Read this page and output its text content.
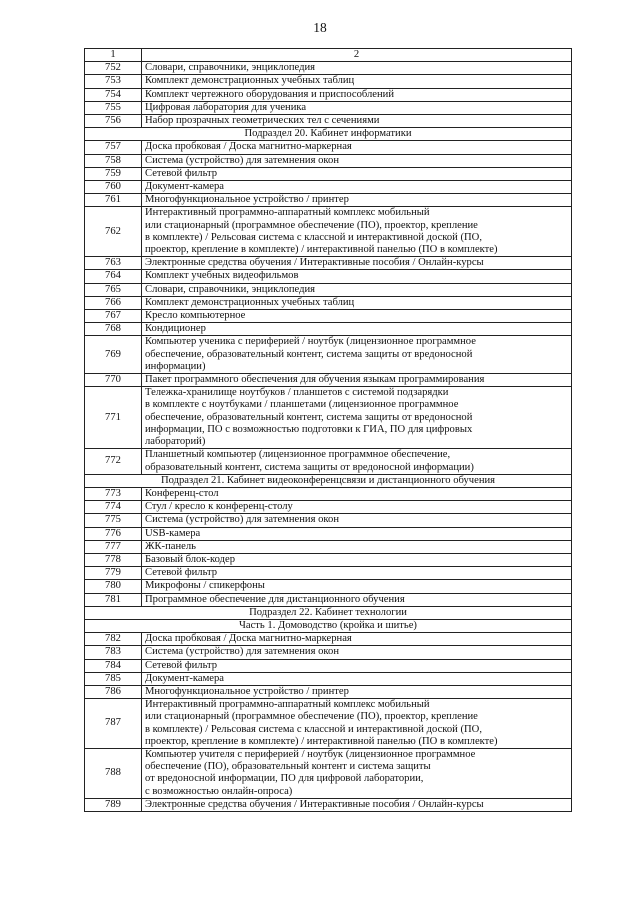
18
1	2
752	Словари, справочники, энциклопедия
753	Комплект демонстрационных учебных таблиц
754	Комплект чертежного оборудования и приспособлений
755	Цифровая лаборатория для ученика
756	Набор прозрачных геометрических тел с сечениями
Подраздел 20. Кабинет информатики	
757	Доска пробковая / Доска магнитно-маркерная
758	Система (устройство) для затемнения окон
759	Сетевой фильтр
760	Документ-камера
761	Многофункциональное устройство / принтер
762	Интерактивный программно-аппаратный комплекс мобильный
или стационарный (программное обеспечение (ПО), проектор, крепление
в комплекте) / Рельсовая система с классной и интерактивной доской (ПО,
проектор, крепление в комплекте) / интерактивной панелью (ПО в комплекте)

763	Электронные средства обучения / Интерактивные пособия / Онлайн-курсы
764	Комплект учебных видеофильмов
765	Словари, справочники, энциклопедия
766	Комплект демонстрационных учебных таблиц
767	Кресло компьютерное
768	Кондиционер
769	Компьютер ученика с периферией / ноутбук (лицензионное программное
обеспечение, образовательный контент, система защиты от вредоносной
информации)

770	Пакет программного обеспечения для обучения языкам программирования
771	Тележка-хранилище ноутбуков / планшетов с системой подзарядки
в комплекте с ноутбуками / планшетами (лицензионное программное
обеспечение, образовательный контент, система защиты от вредоносной
информации, ПО с возможностью подготовки к ГИА, ПО для цифровых
лабораторий)

772	Планшетный компьютер (лицензионное программное обеспечение,
образовательный контент, система защиты от вредоносной информации)

Подраздел 21. Кабинет видеоконференцсвязи и дистанционного обучения	
773	Конференц-стол
774	Стул / кресло к конференц-столу
775	Система (устройство) для затемнения окон
776	USB-камера
777	ЖК-панель
778	Базовый блок-кодер
779	Сетевой фильтр
780	Микрофоны / спикерфоны
781	Программное обеспечение для дистанционного обучения
Подраздел 22. Кабинет технологии	
Часть 1. Домоводство (кройка и шитье)	
782	Доска пробковая / Доска магнитно-маркерная
783	Система (устройство) для затемнения окон
784	Сетевой фильтр
785	Документ-камера
786	Многофункциональное устройство / принтер
787	Интерактивный программно-аппаратный комплекс мобильный
или стационарный (программное обеспечение (ПО), проектор, крепление
в комплекте) / Рельсовая система с классной и интерактивной доской (ПО,
проектор, крепление в комплекте) / интерактивной панелью (ПО в комплекте)

788	Компьютер учителя с периферией / ноутбук (лицензионное программное
обеспечение (ПО), образовательный контент и система защиты
от вредоносной информации, ПО для цифровой лаборатории,
с возможностью онлайн-опроса)

789	Электронные средства обучения / Интерактивные пособия / Онлайн-курсы
